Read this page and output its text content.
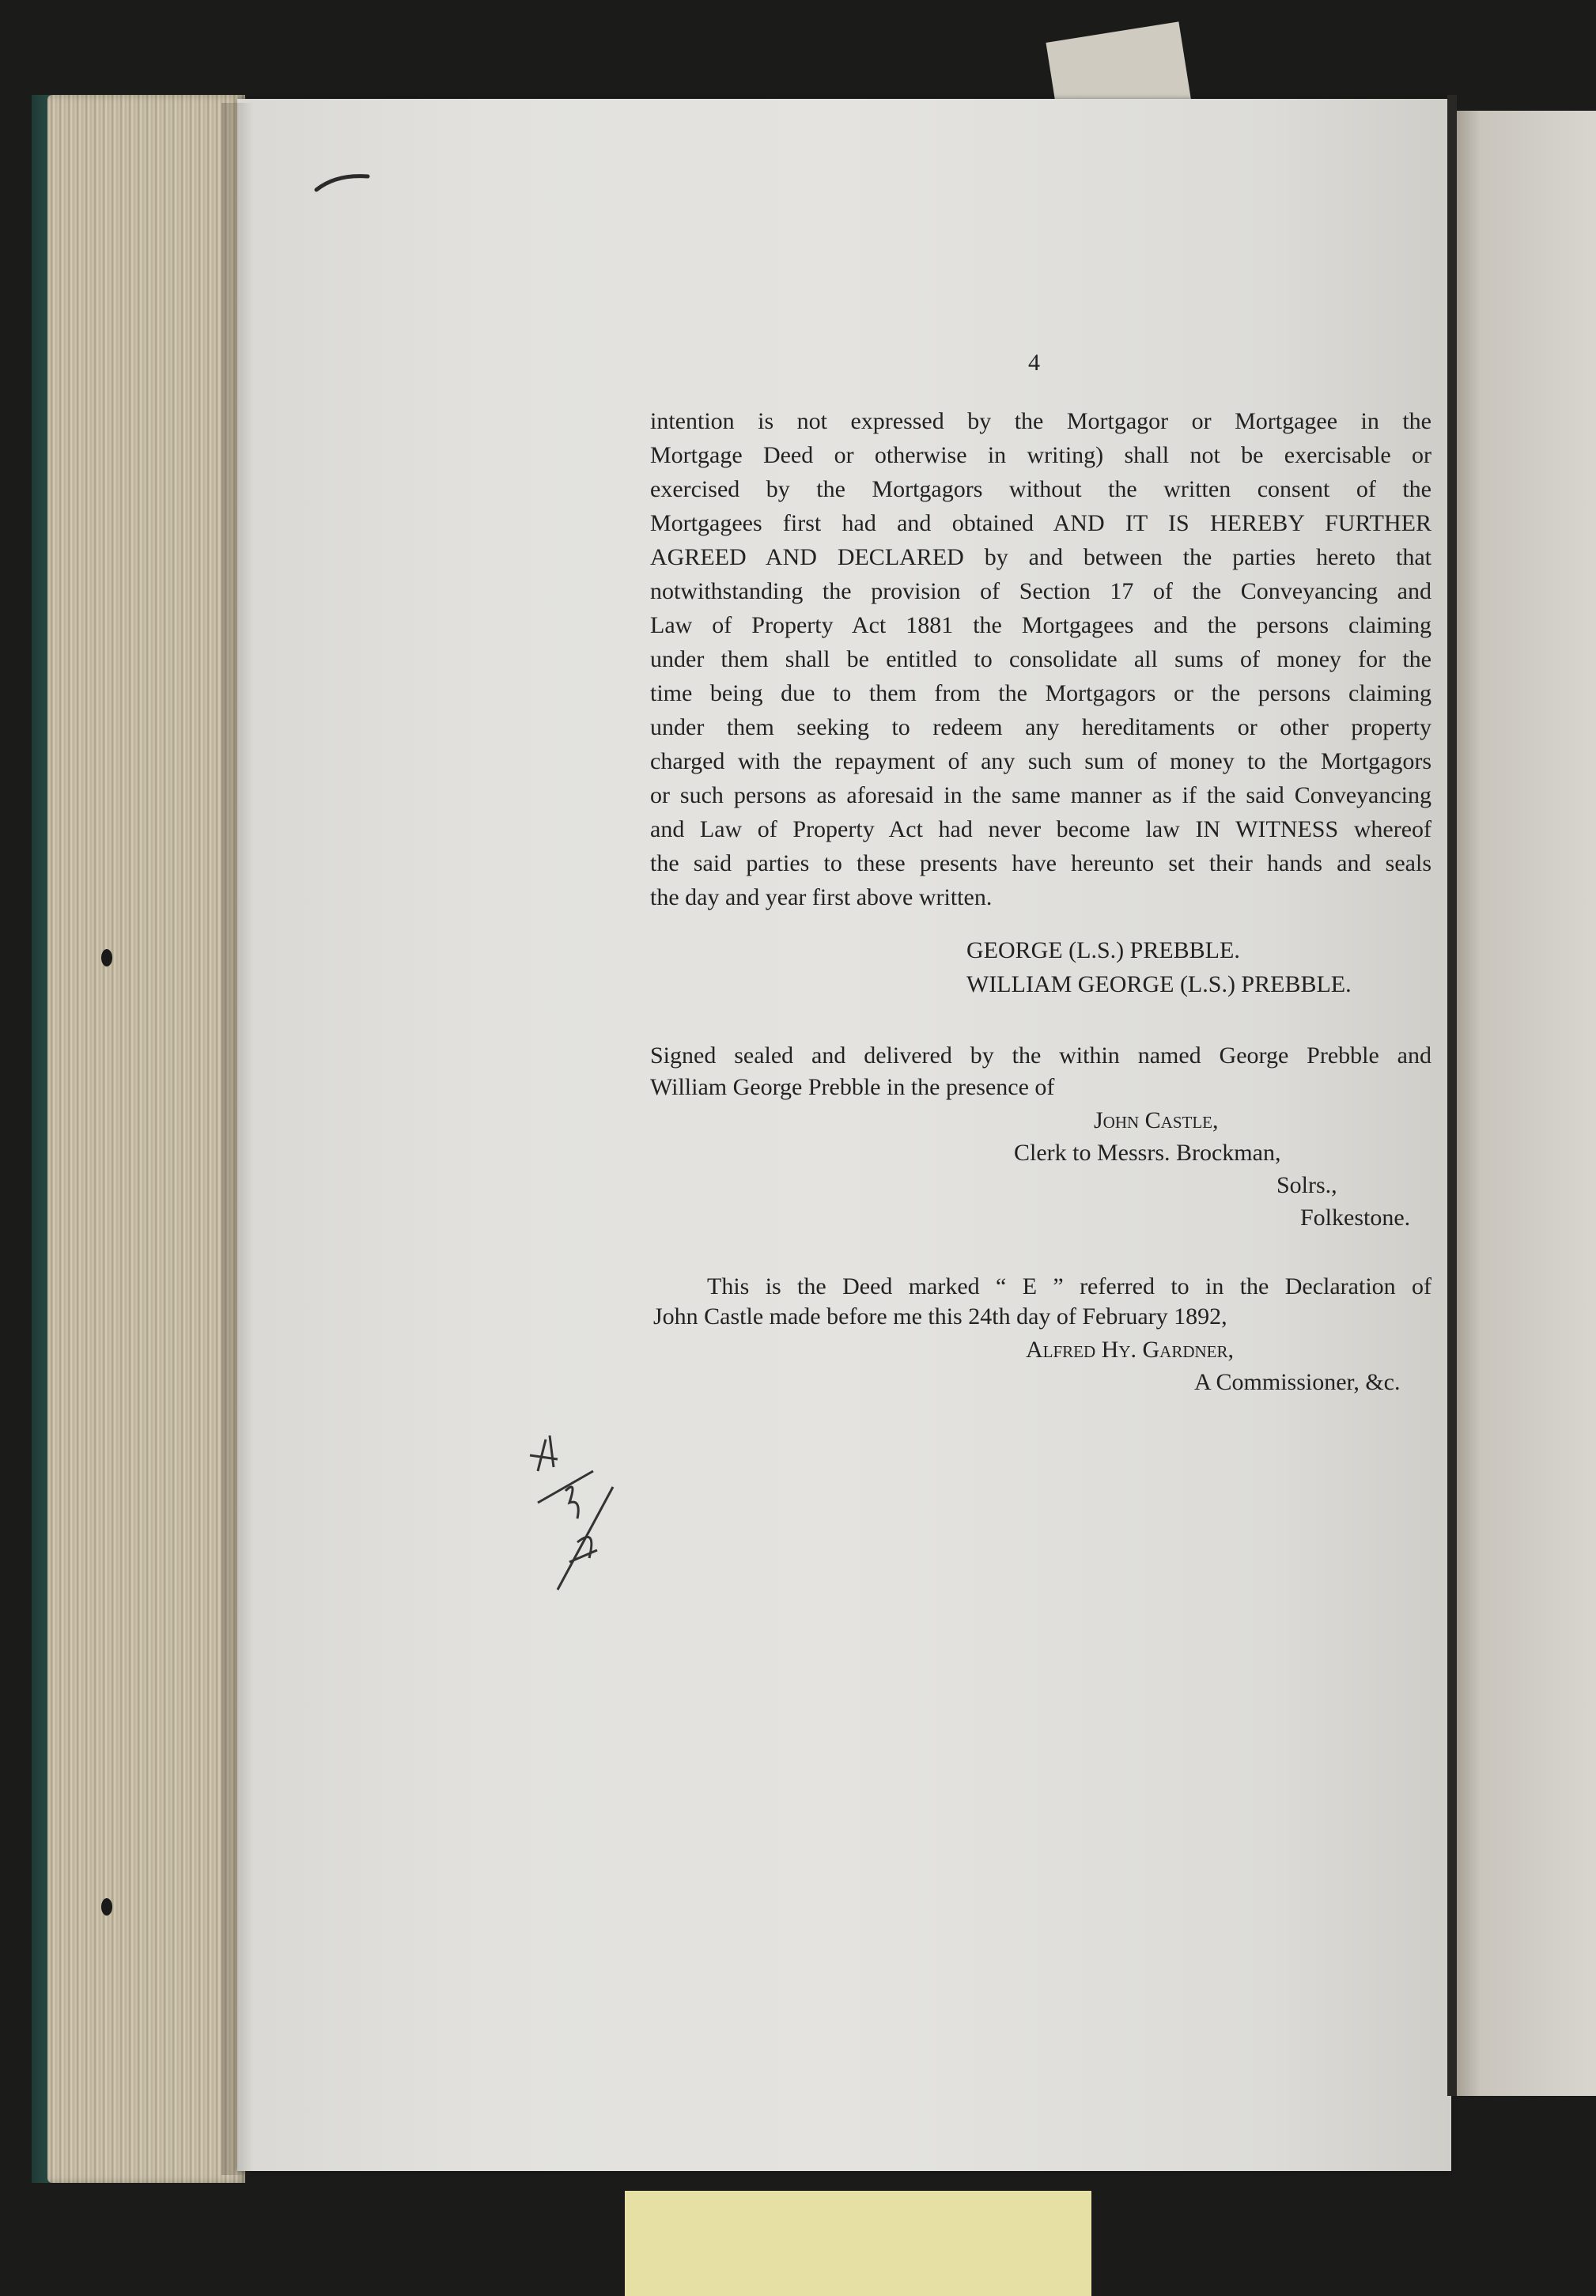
4
intention is not expressed by the Mortgagor or Mortgagee in the
Mortgage Deed or otherwise in writing) shall not be exercisable or
exercised by the Mortgagors without the written consent of the
Mortgagees first had and obtained AND IT IS HEREBY FURTHER
AGREED AND DECLARED by and between the parties hereto that
notwithstanding the provision of Section 17 of the Conveyancing and
Law of Property Act 1881 the Mortgagees and the persons claiming
under them shall be entitled to consolidate all sums of money for the
time being due to them from the Mortgagors or the persons claiming
under them seeking to redeem any hereditaments or other property
charged with the repayment of any such sum of money to the Mortgagors
or such persons as aforesaid in the same manner as if the said Conveyancing
and Law of Property Act had never become law IN WITNESS whereof
the said parties to these presents have hereunto set their hands and seals
the day and year first above written.
GEORGE (L.S.) PREBBLE.
WILLIAM GEORGE (L.S.) PREBBLE.
Signed sealed and delivered by the within named George Prebble and
William George Prebble in the presence of
John Castle,
Clerk to Messrs. Brockman,
Solrs.,
Folkestone.
This is the Deed marked “ E ” referred to in the Declaration of
John Castle made before me this 24th day of February 1892,
Alfred Hy. Gardner,
A Commissioner, &c.
